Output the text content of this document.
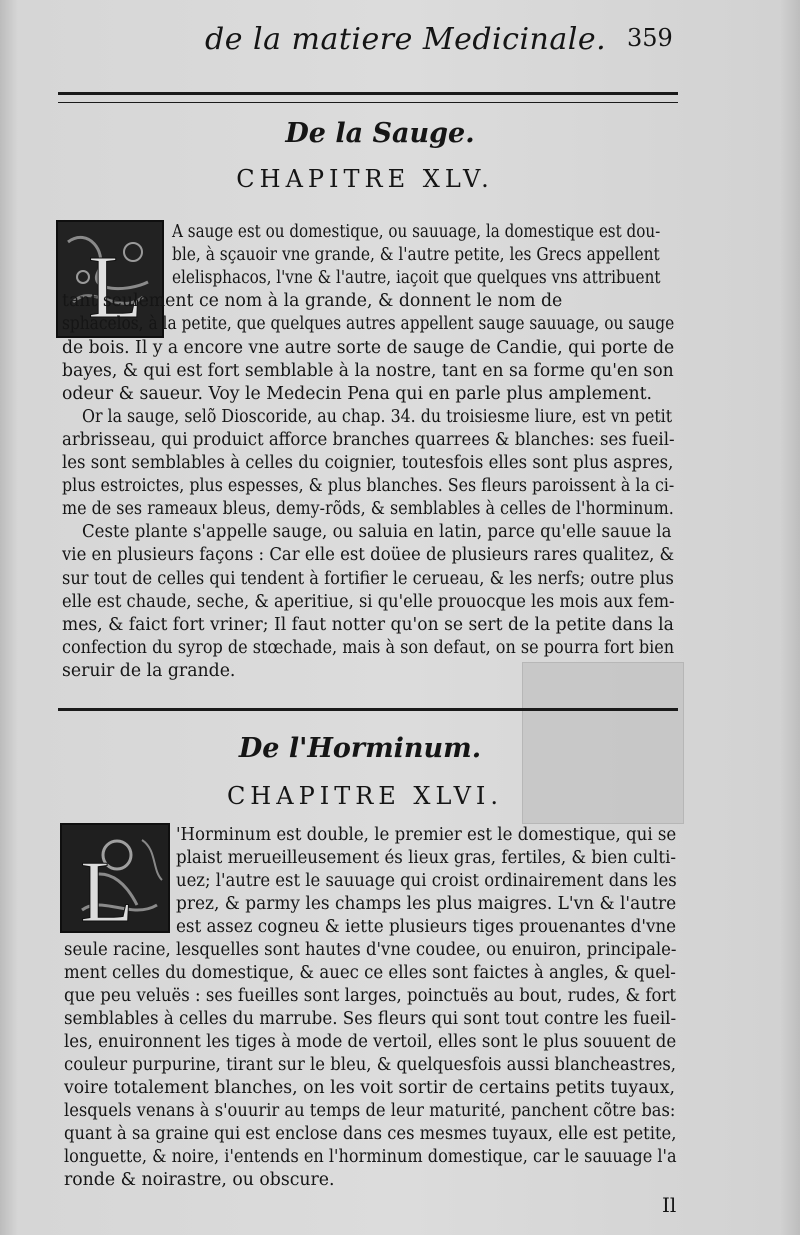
de la matiere Medicinale. 359
De la Sauge.
CHAPITRE XLV.
L
A sauge est ou domestique, ou sauuage, la domestique est dou-
ble, à sçauoir vne grande, & l'autre petite, les Grecs appellent
elelisphacos, l'vne & l'autre, iaçoit que quelques vns attribuent
tant seulement ce nom à la grande, & donnent le nom de
sphacelos, à la petite, que quelques autres appellent sauge sauuage, ou sauge
de bois. Il y a encore vne autre sorte de sauge de Candie, qui porte de
bayes, & qui est fort semblable à la nostre, tant en sa forme qu'en son
odeur & saueur. Voy le Medecin Pena qui en parle plus amplement.
Or la sauge, selõ Dioscoride, au chap. 34. du troisiesme liure, est vn petit
arbrisseau, qui produict afforce branches quarrees & blanches: ses fueil-
les sont semblables à celles du coignier, toutesfois elles sont plus aspres,
plus estroictes, plus espesses, & plus blanches. Ses fleurs paroissent à la ci-
me de ses rameaux bleus, demy-rõds, & semblables à celles de l'horminum.
Ceste plante s'appelle sauge, ou saluia en latin, parce qu'elle sauue la
vie en plusieurs façons : Car elle est doüee de plusieurs rares qualitez, &
sur tout de celles qui tendent à fortifier le cerueau, & les nerfs; outre plus
elle est chaude, seche, & aperitiue, si qu'elle prouocque les mois aux fem-
mes, & faict fort vriner; Il faut notter qu'on se sert de la petite dans la
confection du syrop de stœchade, mais à son defaut, on se pourra fort bien
seruir de la grande.
De l'Horminum.
CHAPITRE XLVI.
L
'Horminum est double, le premier est le domestique, qui se
plaist merueilleusement és lieux gras, fertiles, & bien culti-
uez; l'autre est le sauuage qui croist ordinairement dans les
prez, & parmy les champs les plus maigres. L'vn & l'autre
est assez cogneu & iette plusieurs tiges prouenantes d'vne
seule racine, lesquelles sont hautes d'vne coudee, ou enuiron, principale-
ment celles du domestique, & auec ce elles sont faictes à angles, & quel-
que peu veluës : ses fueilles sont larges, poinctuës au bout, rudes, & fort
semblables à celles du marrube. Ses fleurs qui sont tout contre les fueil-
les, enuironnent les tiges à mode de vertoil, elles sont le plus souuent de
couleur purpurine, tirant sur le bleu, & quelquesfois aussi blancheastres,
voire totalement blanches, on les voit sortir de certains petits tuyaux,
lesquels venans à s'ouurir au temps de leur maturité, panchent cõtre bas:
quant à sa graine qui est enclose dans ces mesmes tuyaux, elle est petite,
longuette, & noire, i'entends en l'horminum domestique, car le sauuage l'a
ronde & noirastre, ou obscure.
Il
